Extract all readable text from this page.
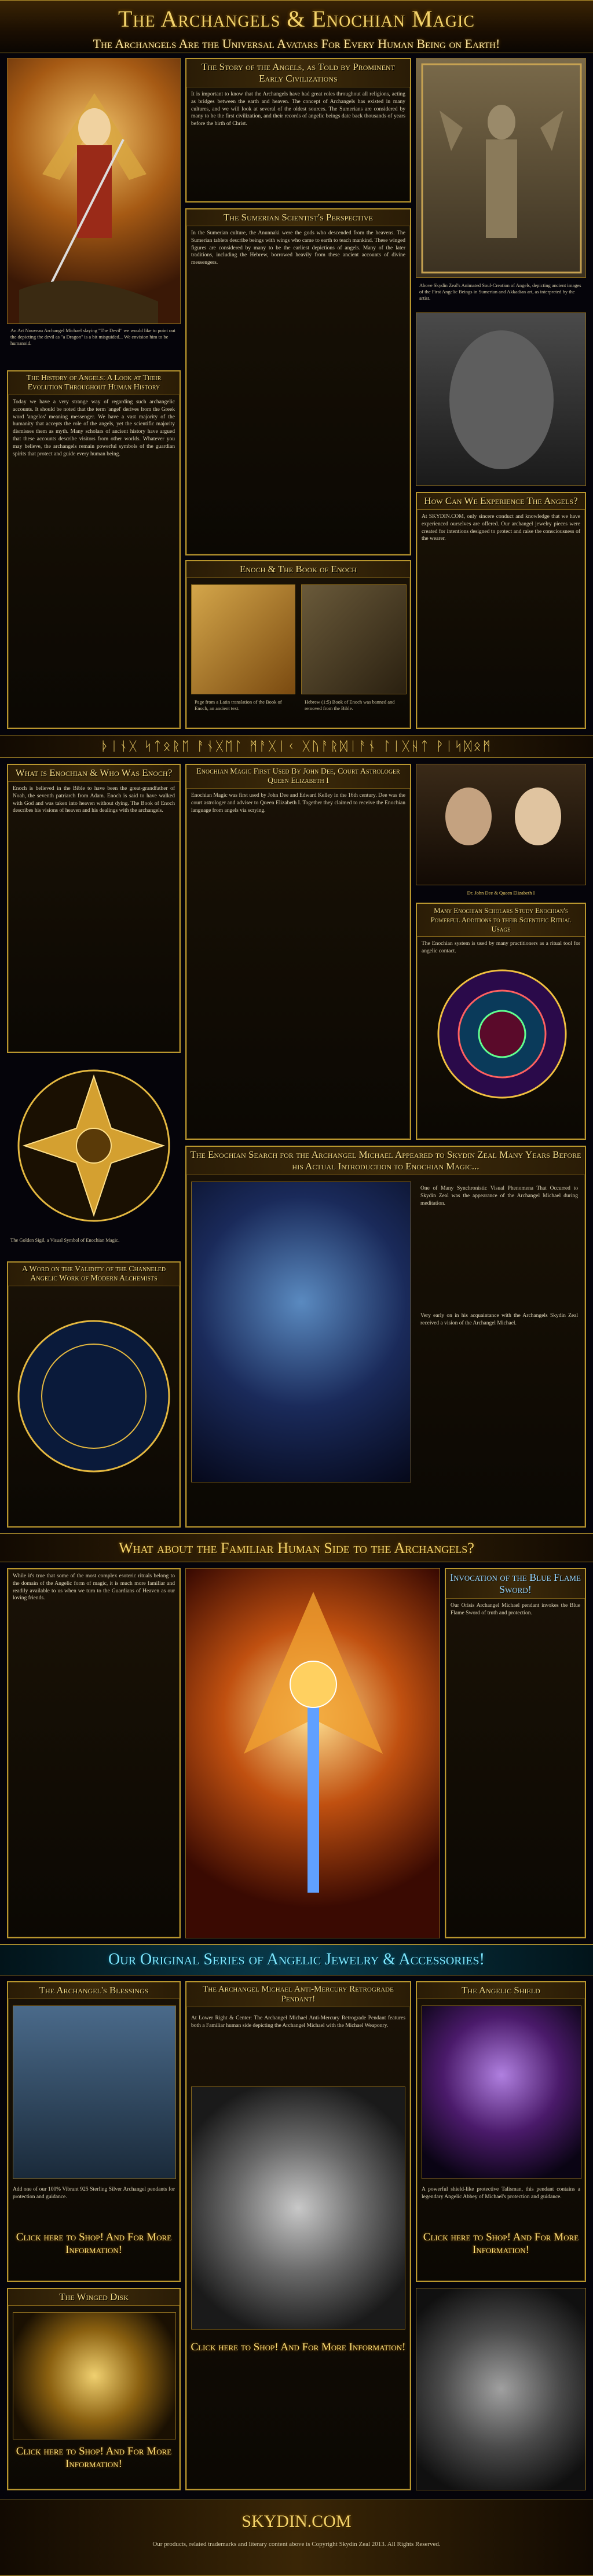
The Archangels & Enochian Magic
The Archangels Are the Universal Avatars For Every Human Being on Earth!
An Art Nouveau Archangel Michael slaying "The Devil" we would like to point out the depicting the devil as "a Dragon" is a bit misguided... We envision him to be humanoid.
The Story of the Angels, as Told by Prominent Early Civilizations
It is important to know that the Archangels have had great roles throughout all religions, acting as bridges between the earth and heaven. The concept of Archangels has existed in many cultures, and we will look at several of the oldest sources. The Sumerians are considered by many to be the first civilization, and their records of angelic beings date back thousands of years before the birth of Christ.
Above Skydin Zeal's Animated Soul-Creation of Angels, depicting ancient images of the First Angelic Beings in Sumerian and Akkadian art, as interpreted by the artist.
The History of Angels: A Look at Their Evolution Throughout Human History
Today we have a very strange way of regarding such archangelic accounts. It should be noted that the term 'angel' derives from the Greek word 'angelos' meaning messenger. We have a vast majority of the humanity that accepts the role of the angels, yet the scientific majority dismisses them as myth. Many scholars of ancient history have argued that these accounts describe visitors from other worlds. Whatever you may believe, the archangels remain powerful symbols of the guardian spirits that protect and guide every human being.
The Sumerian Scientist's Perspective
In the Sumerian culture, the Anunnaki were the gods who descended from the heavens. The Sumerian tablets describe beings with wings who came to earth to teach mankind. These winged figures are considered by many to be the earliest depictions of angels. Many of the later traditions, including the Hebrew, borrowed heavily from these ancient accounts of divine messengers.
How Can We Experience The Angels?
At SKYDIN.COM, only sincere conduct and knowledge that we have experienced ourselves are offered. Our archangel jewelry pieces were created for intentions designed to protect and raise the consciousness of the wearer.
Enoch & The Book of Enoch
Page from a Latin translation of the Book of Enoch, an ancient text.
Hebrew (1:5) Book of Enoch was banned and removed from the Bible.
ᚦᛁᚾᚷ ᛋᛏᛟᚱᛖ ᚨᚾᚷᛖᛚ ᛗᚨᚷᛁᚲ ᚷᚢᚨᚱᛞᛁᚨᚾ ᛚᛁᚷᚺᛏ ᚹᛁᛋᛞᛟᛗ
What is Enochian & Who Was Enoch?
Enoch is believed in the Bible to have been the great-grandfather of Noah, the seventh patriarch from Adam. Enoch is said to have walked with God and was taken into heaven without dying. The Book of Enoch describes his visions of heaven and his dealings with the archangels.
The Golden Sigil, a Visual Symbol of Enochian Magic.
Enochian Magic First Used By John Dee, Court Astrologer Queen Elizabeth I
Enochian Magic was first used by John Dee and Edward Kelley in the 16th century. Dee was the court astrologer and adviser to Queen Elizabeth I. Together they claimed to receive the Enochian language from angels via scrying.
Dr. John Dee & Queen Elizabeth I
Many Enochian Scholars Study Enochian's Powerful Additions to their Scientific Ritual Usage
The Enochian system is used by many practitioners as a ritual tool for angelic contact.
A Word on the Validity of the Channeled Angelic Work of Modern Alchemists
The Enochian Search for the Archangel Michael Appeared to Skydin Zeal Many Years Before his Actual Introduction to Enochian Magic...
One of Many Synchronistic Visual Phenomena That Occurred to Skydin Zeal was the appearance of the Archangel Michael during meditation.
Very early on in his acquaintance with the Archangels Skydin Zeal received a vision of the Archangel Michael.
What about the Familiar Human Side to the Archangels?
While it's true that some of the most complex esoteric rituals belong to the domain of the Angelic form of magic, it is much more familiar and readily available to us when we turn to the Guardians of Heaven as our loving friends.
Invocation of the Blue Flame Sword!
Our Orisis Archangel Michael pendant invokes the Blue Flame Sword of truth and protection.
Our Original Series of Angelic Jewelry & Accessories!
The Archangel's Blessings
Add one of our 100% Vibrant 925 Sterling Silver Archangel pendants for protection and guidance.
Click here to Shop! And For More Information!
The Archangel Michael Anti-Mercury Retrograde Pendant!
At Lower Right & Center: The Archangel Michael Anti-Mercury Retrograde Pendant features both a Familiar human side depicting the Archangel Michael with the Michael Weaponry.
Click here to Shop! And For More Information!
The Angelic Shield
A powerful shield-like protective Talisman, this pendant contains a legendary Angelic Abbey of Michael's protection and guidance.
Click here to Shop! And For More Information!
The Winged Disk
Click here to Shop! And For More Information!
SKYDIN.COM
Our products, related trademarks and literary content above is Copyright Skydin Zeal 2013. All Rights Reserved.
